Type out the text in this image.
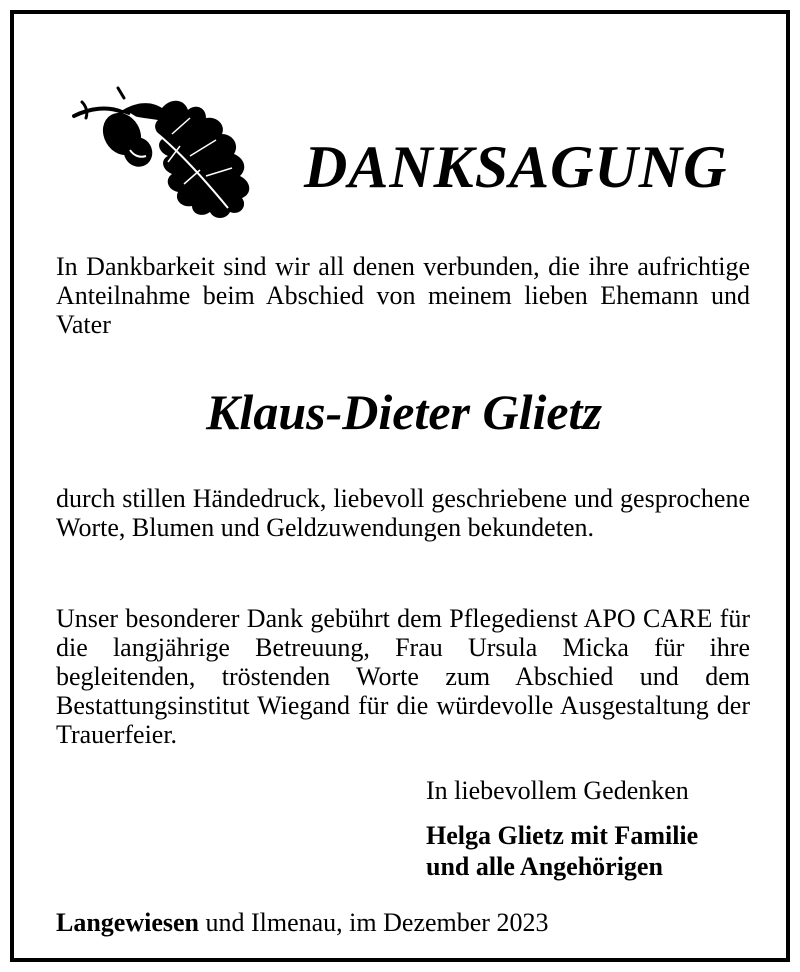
DANKSAGUNG

In Dankbarkeit sind wir all denen verbunden, die ihre aufrichtige Anteilnahme beim Abschied von meinem lieben Ehemann und Vater

Klaus-Dieter Glietz

durch stillen Händedruck, liebevoll geschriebene und gesprochene Worte, Blumen und Geldzuwendungen bekundeten.

Unser besonderer Dank gebührt dem Pflegedienst APO CARE für die langjährige Betreuung, Frau Ursula Micka für ihre begleitenden, tröstenden Worte zum Abschied und dem Bestattungsinstitut Wiegand für die würdevolle Ausgestaltung der Trauerfeier.

In liebevollem Gedenken

Helga Glietz mit Familie
und alle Angehörigen

Langewiesen und Ilmenau, im Dezember 2023
